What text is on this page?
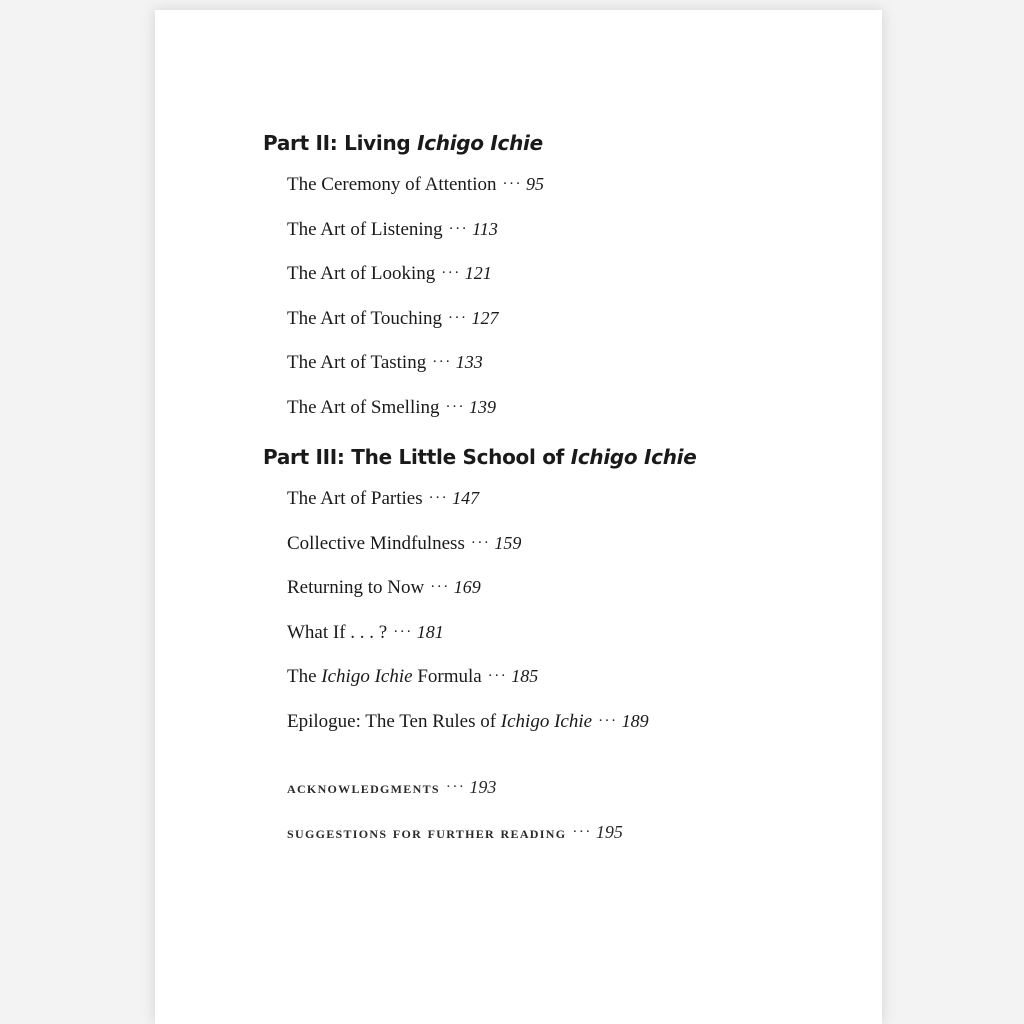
Part II: Living Ichigo Ichie
The Ceremony of Attention ··· 95
The Art of Listening ··· 113
The Art of Looking ··· 121
The Art of Touching ··· 127
The Art of Tasting ··· 133
The Art of Smelling ··· 139
Part III: The Little School of Ichigo Ichie
The Art of Parties ··· 147
Collective Mindfulness ··· 159
Returning to Now ··· 169
What If . . . ? ··· 181
The Ichigo Ichie Formula ··· 185
Epilogue: The Ten Rules of Ichigo Ichie ··· 189
acknowledgments ··· 193
suggestions for further reading ··· 195
